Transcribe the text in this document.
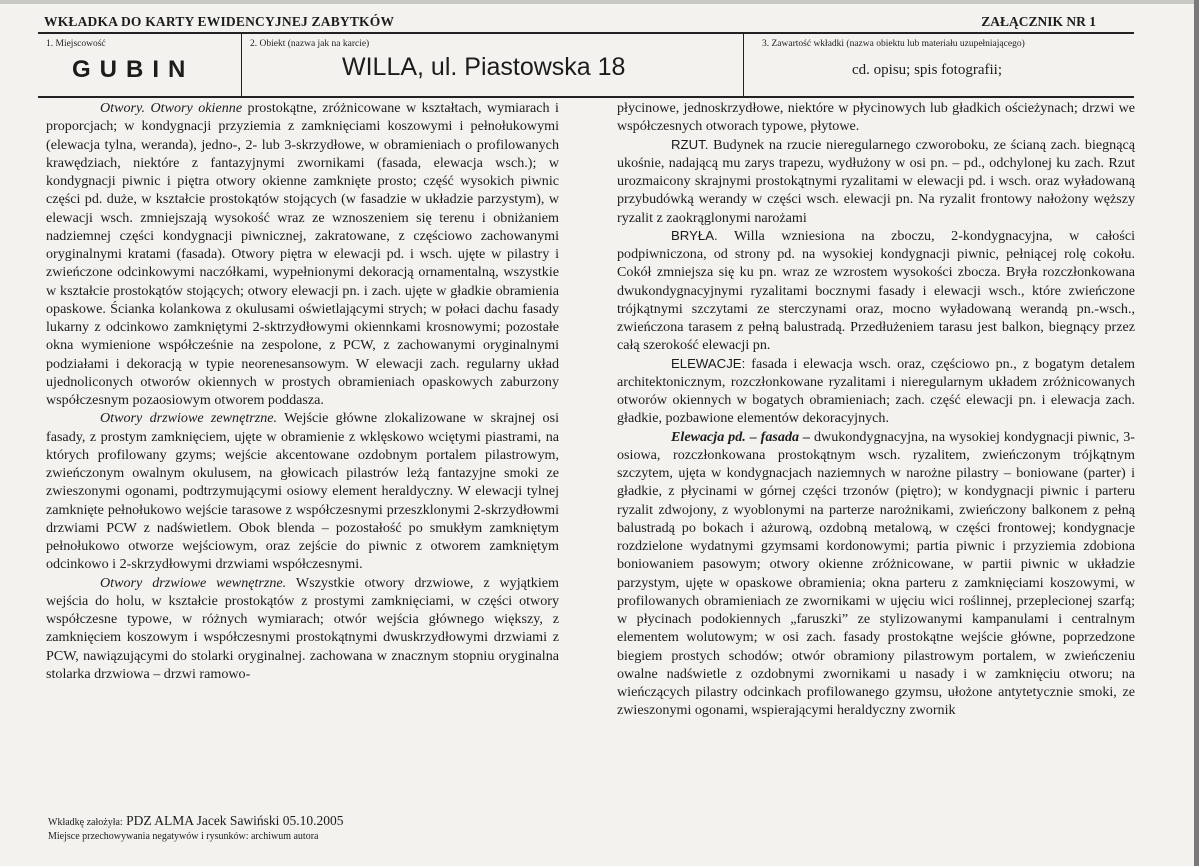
WKŁADKA DO KARTY EWIDENCYJNEJ ZABYTKÓW	ZAŁĄCZNIK NR 1
1. Miejscowość
GUBIN
2. Obiekt (nazwa jak na karcie)
WILLA, ul. Piastowska 18
3. Zawartość wkładki (nazwa obiektu lub materiału uzupełniającego)
cd. opisu; spis fotografii;

Otwory. Otwory okienne prostokątne, zróżnicowane w kształtach, wymiarach i proporcjach; w kondygnacji przyziemia z zamknięciami koszowymi i pełnołukowymi (elewacja tylna, weranda), jedno-, 2- lub 3-skrzydłowe, w obramieniach o profilowanych krawędziach, niektóre z fantazyjnymi zwornikami (fasada, elewacja wsch.); w kondygnacji piwnic i piętra otwory okienne zamknięte prosto; część wysokich piwnic części pd. duże, w kształcie prostokątów stojących (w fasadzie w układzie parzystym), w elewacji wsch. zmniejszają wysokość wraz ze wznoszeniem się terenu i obniżaniem nadziemnej części kondygnacji piwnicznej, zakratowane, z częściowo zachowanymi oryginalnymi kratami (fasada). Otwory piętra w elewacji pd. i wsch. ujęte w pilastry i zwieńczone odcinkowymi naczółkami, wypełnionymi dekoracją ornamentalną, wszystkie w kształcie prostokątów stojących; otwory elewacji pn. i zach. ujęte w gładkie obramienia opaskowe. Ścianka kolankowa z okulusami oświetlającymi strych; w połaci dachu fasady lukarny z odcinkowo zamkniętymi 2-sktrzydłowymi okiennkami krosnowymi; pozostałe okna wymienione współcześnie na zespolone, z PCW, z zachowanymi oryginalnymi podziałami i dekoracją w typie neorenesansowym. W elewacji zach. regularny układ ujednoliconych otworów okiennych w prostych obramieniach opaskowych zaburzony współczesnym pozaosiowym otworem poddasza.

Otwory drzwiowe zewnętrzne. Wejście główne zlokalizowane w skrajnej osi fasady, z prostym zamknięciem, ujęte w obramienie z wklęskowo wciętymi piastrami, na których profilowany gzyms; wejście akcentowane ozdobnym portalem pilastrowym, zwieńczonym owalnym okulusem, na głowicach pilastrów leżą fantazyjne smoki ze zwieszonymi ogonami, podtrzymującymi osiowy element heraldyczny. W elewacji tylnej zamknięte pełnołukowo wejście tarasowe z współczesnymi przeszklonymi 2-skrzydłowmi drzwiami PCW z nadświetlem. Obok blenda – pozostałość po smukłym zamkniętym pełnołukowo otworze wejściowym, oraz zejście do piwnic z otworem zamkniętym odcinkowo i 2-skrzydłowymi drzwiami współczesnymi.

Otwory drzwiowe wewnętrzne. Wszystkie otwory drzwiowe, z wyjątkiem wejścia do holu, w kształcie prostokątów z prostymi zamknięciami, w części otwory współczesne typowe, w różnych wymiarach; otwór wejścia głównego większy, z zamknięciem koszowym i współczesnymi prostokątnymi dwuskrzydłowymi drzwiami z PCW, nawiązującymi do stolarki oryginalnej. zachowana w znacznym stopniu oryginalna stolarka drzwiowa – drzwi ramowo-

płycinowe, jednoskrzydłowe, niektóre w płycinowych lub gładkich ościeżynach; drzwi we współczesnych otworach typowe, płytowe.

RZUT. Budynek na rzucie nieregularnego czworoboku, ze ścianą zach. biegnącą ukośnie, nadającą mu zarys trapezu, wydłużony w osi pn. – pd., odchylonej ku zach. Rzut urozmaicony skrajnymi prostokątnymi ryzalitami w elewacji pd. i wsch. oraz wyładowaną przybudówką werandy w części wsch. elewacji pn. Na ryzalit frontowy nałożony węższy ryzalit z zaokrąglonymi narożami

BRYŁA. Willa wzniesiona na zboczu, 2-kondygnacyjna, w całości podpiwniczona, od strony pd. na wysokiej kondygnacji piwnic, pełniącej rolę cokołu. Cokół zmniejsza się ku pn. wraz ze wzrostem wysokości zbocza. Bryła rozczłonkowana dwukondygnacyjnymi ryzalitami bocznymi fasady i elewacji wsch., które zwieńczone trójkątnymi szczytami ze sterczynami oraz, mocno wyładowaną werandą pn.-wsch., zwieńczona tarasem z pełną balustradą. Przedłużeniem tarasu jest balkon, biegnący przez całą szerokość elewacji pn.

ELEWACJE: fasada i elewacja wsch. oraz, częściowo pn., z bogatym detalem architektonicznym, rozczłonkowane ryzalitami i nieregularnym układem zróżnicowanych otworów okiennych w bogatych obramieniach; zach. część elewacji pn. i elewacja zach. gładkie, pozbawione elementów dekoracyjnych.

Elewacja pd. – fasada – dwukondygnacyjna, na wysokiej kondygnacji piwnic, 3-osiowa, rozczłonkowana prostokątnym wsch. ryzalitem, zwieńczonym trójkątnym szczytem, ujęta w kondygnacjach naziemnych w narożne pilastry – boniowane (parter) i gładkie, z płycinami w górnej części trzonów (piętro); w kondygnacji piwnic i parteru ryzalit zdwojony, z wyoblonymi na parterze narożnikami, zwieńczony balkonem z pełną balustradą po bokach i ażurową, ozdobną metalową, w części frontowej; kondygnacje rozdzielone wydatnymi gzymsami kordonowymi; partia piwnic i przyziemia zdobiona boniowaniem pasowym; otwory okienne zróżnicowane, w partii piwnic w układzie parzystym, ujęte w opaskowe obramienia; okna parteru z zamknięciami koszowymi, w profilowanych obramieniach ze zwornikami w ujęciu wici roślinnej, przeplecionej szarfą; w płycinach podokiennych „faruszki” ze stylizowanymi kampanulami i centralnym elementem wolutowym; w osi zach. fasady prostokątne wejście główne, poprzedzone biegiem prostych schodów; otwór obramiony pilastrowym portalem, w zwieńczeniu owalne nadświetle z ozdobnymi zwornikami u nasady i w zamknięciu otworu; na wieńczących pilastry odcinkach profilowanego gzymsu, ułożone antytetycznie smoki, ze zwieszonymi ogonami, wspierającymi heraldyczny zwornik

Wkładkę założyła: PDZ ALMA Jacek Sawiński 05.10.2005
Miejsce przechowywania negatywów i rysunków: archiwum autora
